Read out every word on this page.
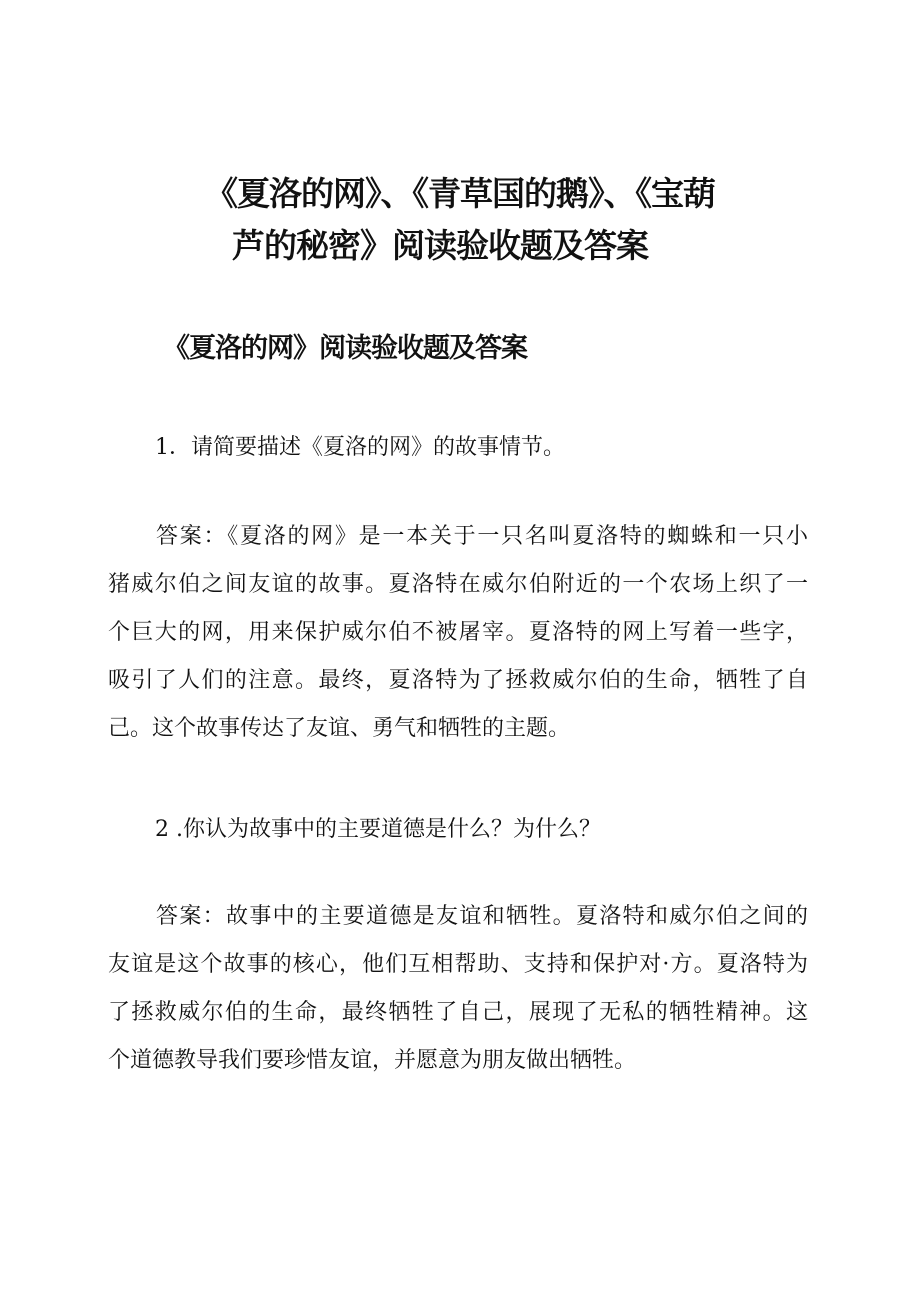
《夏洛的网》、《青草国的鹅》、《宝葫
芦的秘密》阅读验收题及答案
《夏洛的网》阅读验收题及答案

1．请简要描述《夏洛的网》的故事情节。

答案：《夏洛的网》是一本关于一只名叫夏洛特的蜘蛛和一只小
猪威尔伯之间友谊的故事。夏洛特在威尔伯附近的一个农场上织了一
个巨大的网，用来保护威尔伯不被屠宰。夏洛特的网上写着一些字，
吸引了人们的注意。最终，夏洛特为了拯救威尔伯的生命，牺牲了自
己。这个故事传达了友谊、勇气和牺牲的主题。

2 .你认为故事中的主要道德是什么？为什么？

答案：故事中的主要道德是友谊和牺牲。夏洛特和威尔伯之间的
友谊是这个故事的核心，他们互相帮助、支持和保护对·方。夏洛特为
了拯救威尔伯的生命，最终牺牲了自己，展现了无私的牺牲精神。这
个道德教导我们要珍惜友谊，并愿意为朋友做出牺牲。
